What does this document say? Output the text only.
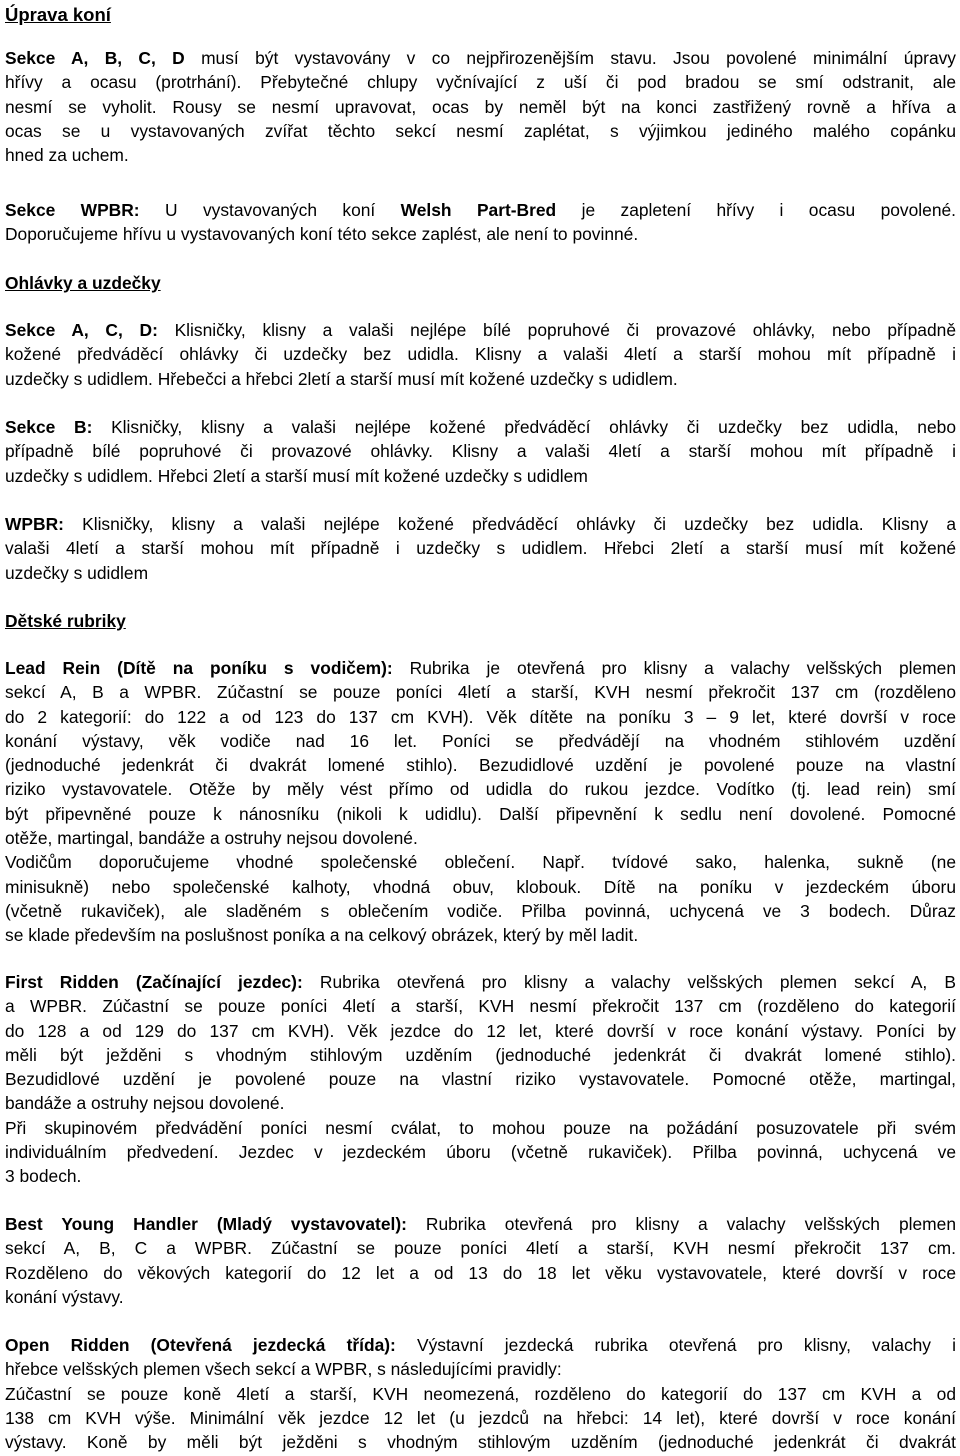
Úprava koní
Sekce A, B, C, D musí být vystavovány v co nejpřirozenějším stavu. Jsou povolené minimální úpravy
hřívy a ocasu (protrhání). Přebytečné chlupy vyčnívající z uší či pod bradou se smí odstranit, ale
nesmí se vyholit. Rousy se nesmí upravovat, ocas by neměl být na konci zastřižený rovně a hříva a
ocas se u vystavovaných zvířat těchto sekcí nesmí zaplétat, s výjimkou jediného malého copánku
hned za uchem.
Sekce WPBR: U vystavovaných koní Welsh Part-Bred je zapletení hřívy i ocasu povolené.
Doporučujeme hřívu u vystavovaných koní této sekce zaplést, ale není to povinné.
Ohlávky a uzdečky
Sekce A, C, D: Klisničky, klisny a valaši nejlépe bílé popruhové či provazové ohlávky, nebo případně
kožené předváděcí ohlávky či uzdečky bez udidla. Klisny a valaši 4letí a starší mohou mít případně i
uzdečky s udidlem. Hřebečci a hřebci 2letí a starší musí mít kožené uzdečky s udidlem.
Sekce B: Klisničky, klisny a valaši nejlépe kožené předváděcí ohlávky či uzdečky bez udidla, nebo
případně bílé popruhové či provazové ohlávky. Klisny a valaši 4letí a starší mohou mít případně i
uzdečky s udidlem. Hřebci 2letí a starší musí mít kožené uzdečky s udidlem
WPBR: Klisničky, klisny a valaši nejlépe kožené předváděcí ohlávky či uzdečky bez udidla. Klisny a
valaši 4letí a starší mohou mít případně i uzdečky s udidlem. Hřebci 2letí a starší musí mít kožené
uzdečky s udidlem
Dětské rubriky
Lead Rein (Dítě na poníku s vodičem): Rubrika je otevřená pro klisny a valachy velšských plemen
sekcí A, B a WPBR. Zúčastní se pouze poníci 4letí a starší, KVH nesmí překročit 137 cm (rozděleno
do 2 kategorií: do 122 a od 123 do 137 cm KVH). Věk dítěte na poníku 3 – 9 let, které dovrší v roce
konání výstavy, věk vodiče nad 16 let. Poníci se předvádějí na vhodném stihlovém uzdění
(jednoduché jedenkrát či dvakrát lomené stihlo). Bezudidlové uzdění je povolené pouze na vlastní
riziko vystavovatele. Otěže by měly vést přímo od udidla do rukou jezdce. Vodítko (tj. lead rein) smí
být připevněné pouze k nánosníku (nikoli k udidlu). Další připevnění k sedlu není dovolené. Pomocné
otěže, martingal, bandáže a ostruhy nejsou dovolené.
Vodičům doporučujeme vhodné společenské oblečení. Např. tvídové sako, halenka, sukně (ne
minisukně) nebo společenské kalhoty, vhodná obuv, klobouk. Dítě na poníku v jezdeckém úboru
(včetně rukaviček), ale sladěném s oblečením vodiče. Přilba povinná, uchycená ve 3 bodech. Důraz
se klade především na poslušnost poníka a na celkový obrázek, který by měl ladit.
First Ridden (Začínající jezdec): Rubrika otevřená pro klisny a valachy velšských plemen sekcí A, B
a WPBR. Zúčastní se pouze poníci 4letí a starší, KVH nesmí překročit 137 cm (rozděleno do kategorií
do 128 a od 129 do 137 cm KVH). Věk jezdce do 12 let, které dovrší v roce konání výstavy. Poníci by
měli být ježděni s vhodným stihlovým uzděním (jednoduché jedenkrát či dvakrát lomené stihlo).
Bezudidlové uzdění je povolené pouze na vlastní riziko vystavovatele. Pomocné otěže, martingal,
bandáže a ostruhy nejsou dovolené.
Při skupinovém předvádění poníci nesmí cválat, to mohou pouze na požádání posuzovatele při svém
individuálním předvedení. Jezdec v jezdeckém úboru (včetně rukaviček). Přilba povinná, uchycená ve
3 bodech.
Best Young Handler (Mladý vystavovatel): Rubrika otevřená pro klisny a valachy velšských plemen
sekcí A, B, C a WPBR. Zúčastní se pouze poníci 4letí a starší, KVH nesmí překročit 137 cm.
Rozděleno do věkových kategorií do 12 let a od 13 do 18 let věku vystavovatele, které dovrší v roce
konání výstavy.
Open Ridden (Otevřená jezdecká třída): Výstavní jezdecká rubrika otevřená pro klisny, valachy i
hřebce velšských plemen všech sekcí a WPBR, s následujícími pravidly:
Zúčastní se pouze koně 4letí a starší, KVH neomezená, rozděleno do kategorií do 137 cm KVH a od
138 cm KVH výše. Minimální věk jezdce 12 let (u jezdců na hřebci: 14 let), které dovrší v roce konání
výstavy. Koně by měli být ježděni s vhodným stihlovým uzděním (jednoduché jedenkrát či dvakrát
